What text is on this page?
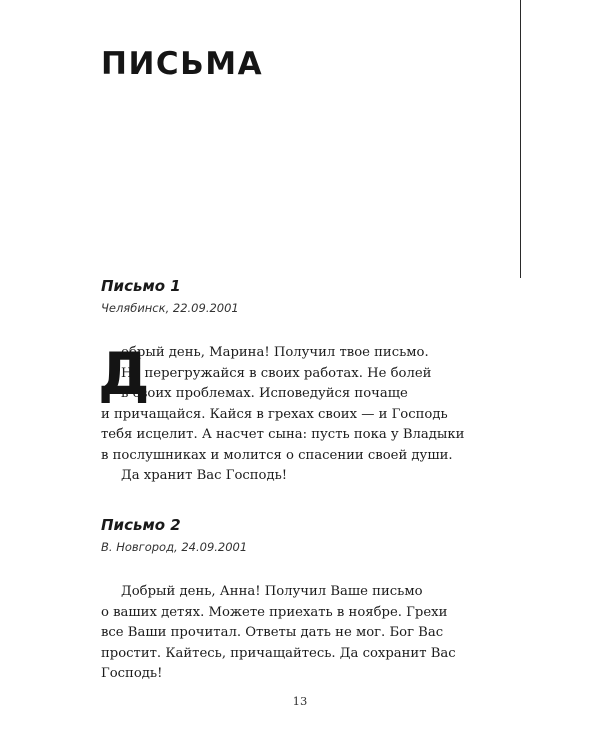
ПИСЬМА
Письмо 1

Челябинск, 22.09.2001

Д
обрый день, Марина! Получил твое письмо.
Не перегружайся в своих работах. Не болей
в своих проблемах. Исповедуйся почаще
и причащайся. Кайся в грехах своих — и Господь
тебя исцелит. А насчет сына: пусть пока у Владыки
в послушниках и молится о спасении своей души.
Да хранит Вас Господь!
Письмо 2

В. Новгород, 24.09.2001

Добрый день, Анна! Получил Ваше письмо
о ваших детях. Можете приехать в ноябре. Грехи
все Ваши прочитал. Ответы дать не мог. Бог Вас
простит. Кайтесь, причащайтесь. Да сохранит Вас
Господь!
13
